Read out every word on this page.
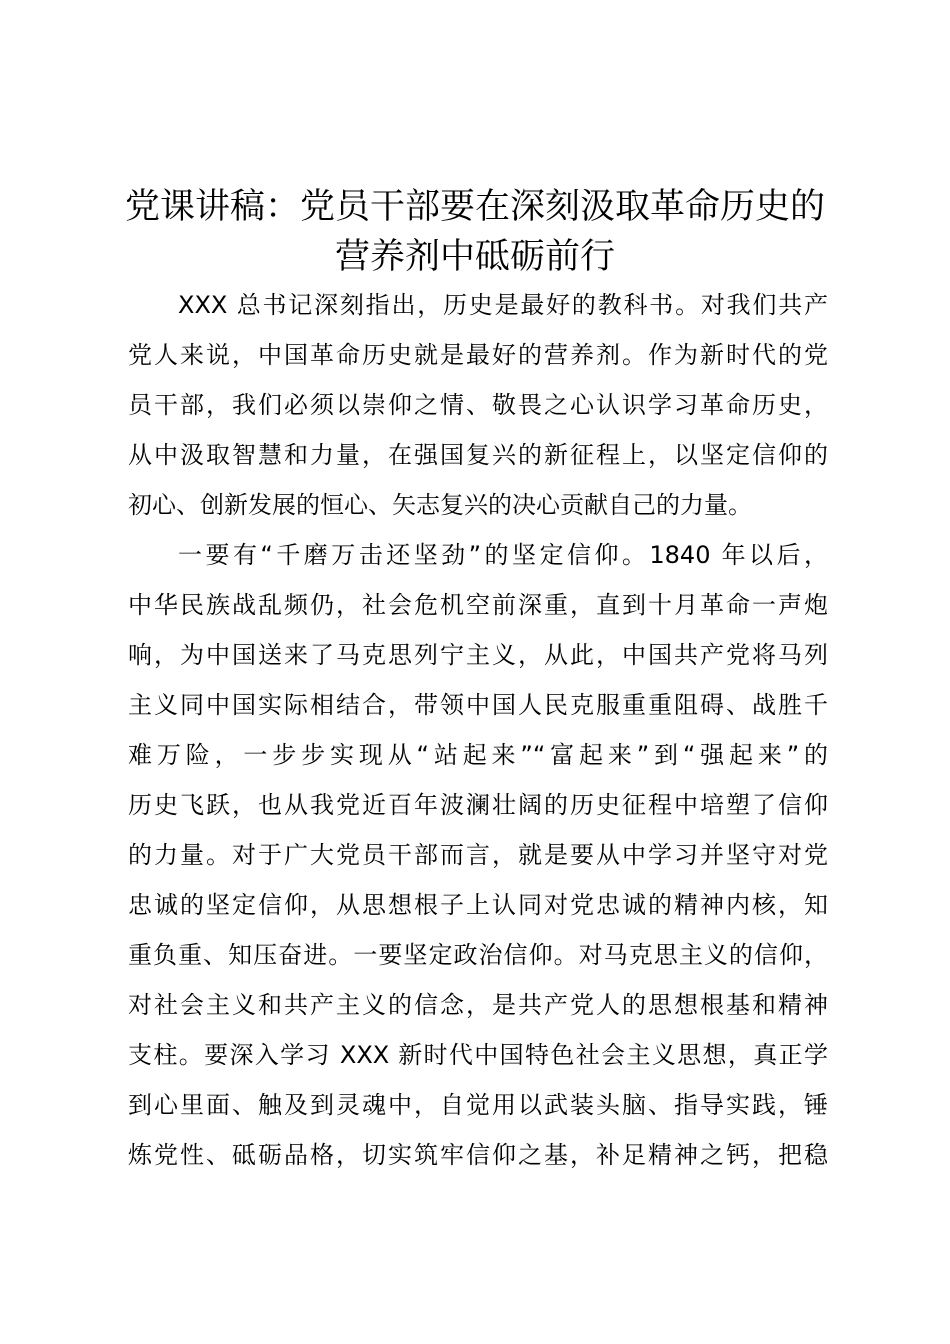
党课讲稿：党员干部要在深刻汲取革命历史的
营养剂中砥砺前行
XXX 总书记深刻指出，历史是最好的教科书。对我们共产
党人来说，中国革命历史就是最好的营养剂。作为新时代的党
员干部，我们必须以崇仰之情、敬畏之心认识学习革命历史，
从中汲取智慧和力量，在强国复兴的新征程上，以坚定信仰的
初心、创新发展的恒心、矢志复兴的决心贡献自己的力量。
一要有“千磨万击还坚劲”的坚定信仰。1840 年以后，
中华民族战乱频仍，社会危机空前深重，直到十月革命一声炮
响，为中国送来了马克思列宁主义，从此，中国共产党将马列
主义同中国实际相结合，带领中国人民克服重重阻碍、战胜千
难万险，一步步实现从“站起来”“富起来”到“强起来”的
历史飞跃，也从我党近百年波澜壮阔的历史征程中培塑了信仰
的力量。对于广大党员干部而言，就是要从中学习并坚守对党
忠诚的坚定信仰，从思想根子上认同对党忠诚的精神内核，知
重负重、知压奋进。一要坚定政治信仰。对马克思主义的信仰，
对社会主义和共产主义的信念，是共产党人的思想根基和精神
支柱。要深入学习 XXX 新时代中国特色社会主义思想，真正学
到心里面、触及到灵魂中，自觉用以武装头脑、指导实践，锤
炼党性、砥砺品格，切实筑牢信仰之基，补足精神之钙，把稳
